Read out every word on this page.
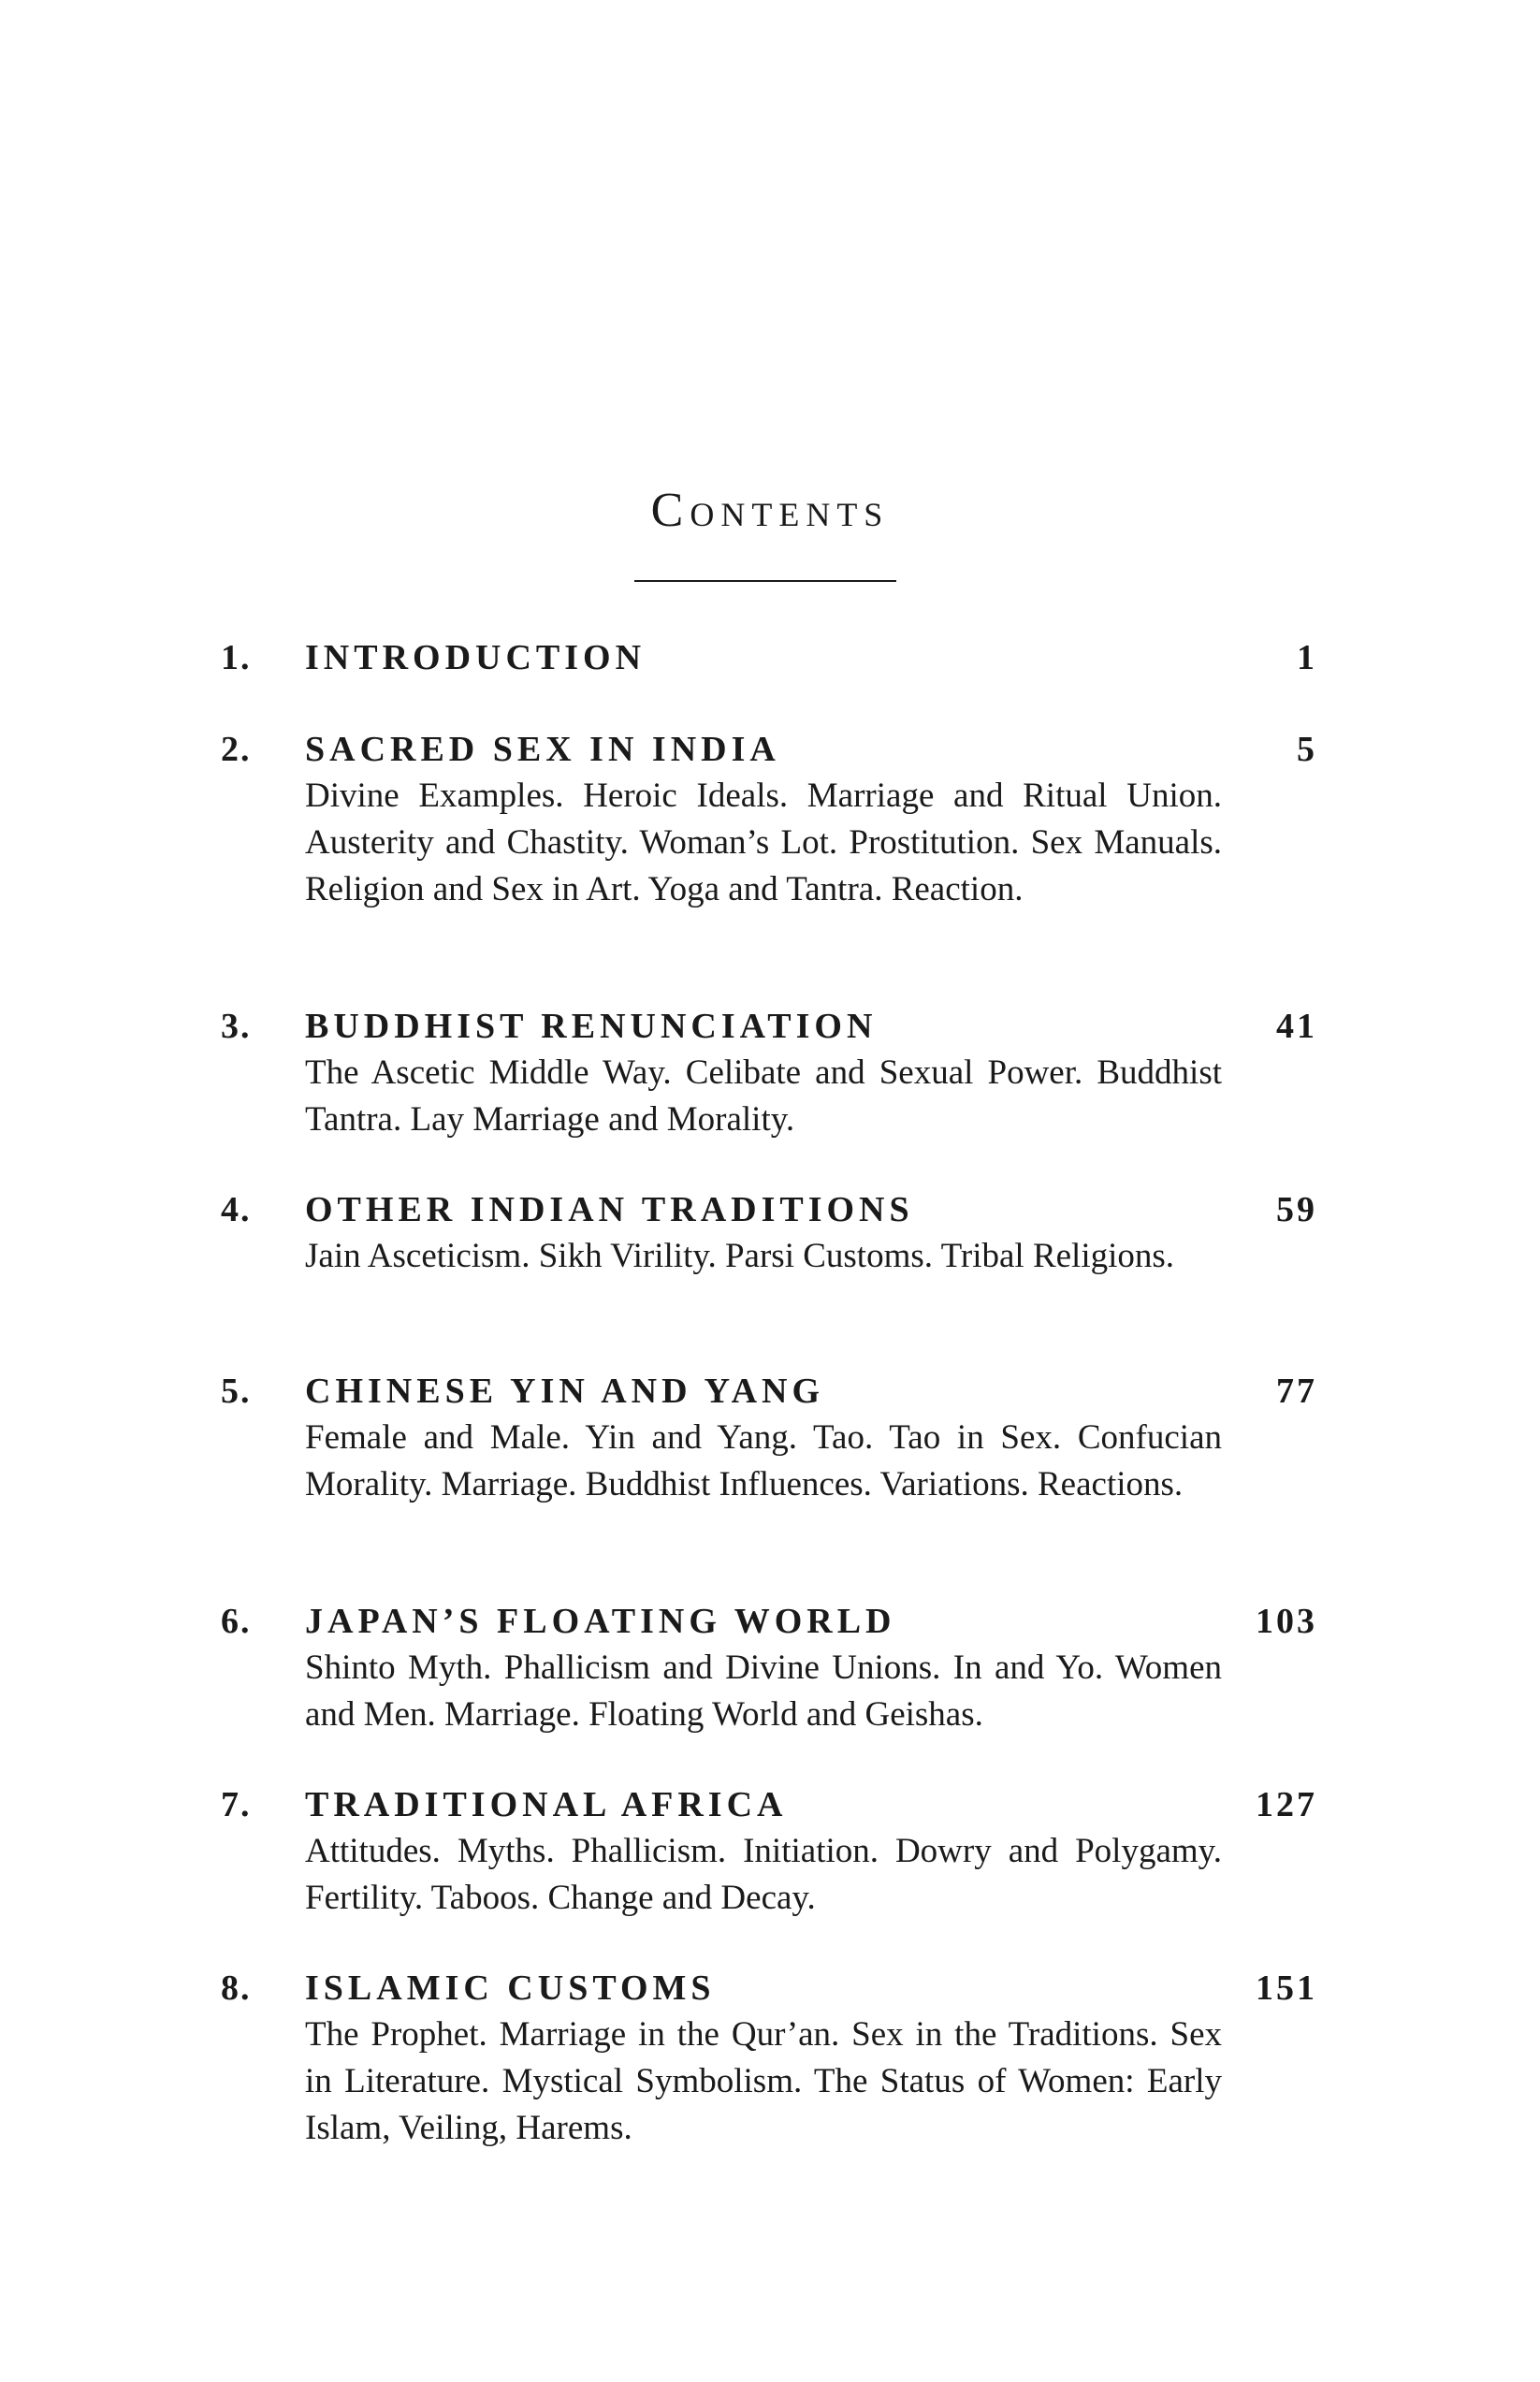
Contents
1. INTRODUCTION	1
2. SACRED SEX IN INDIA	5
Divine Examples. Heroic Ideals. Marriage and Ritual Union. Austerity and Chastity. Woman’s Lot. Prostitution. Sex Manuals. Religion and Sex in Art. Yoga and Tantra. Reaction.
3. BUDDHIST RENUNCIATION	41
The Ascetic Middle Way. Celibate and Sexual Power. Buddhist Tantra. Lay Marriage and Morality.
4. OTHER INDIAN TRADITIONS	59
Jain Asceticism. Sikh Virility. Parsi Customs. Tribal Religions.
5. CHINESE YIN AND YANG	77
Female and Male. Yin and Yang. Tao. Tao in Sex. Confucian Morality. Marriage. Buddhist Influences. Variations. Reactions.
6. JAPAN’S FLOATING WORLD	103
Shinto Myth. Phallicism and Divine Unions. In and Yo. Women and Men. Marriage. Floating World and Geishas.
7. TRADITIONAL AFRICA	127
Attitudes. Myths. Phallicism. Initiation. Dowry and Polygamy. Fertility. Taboos. Change and Decay.
8. ISLAMIC CUSTOMS	151
The Prophet. Marriage in the Qur’an. Sex in the Traditions. Sex in Literature. Mystical Symbolism. The Status of Women: Early Islam, Veiling, Harems.
